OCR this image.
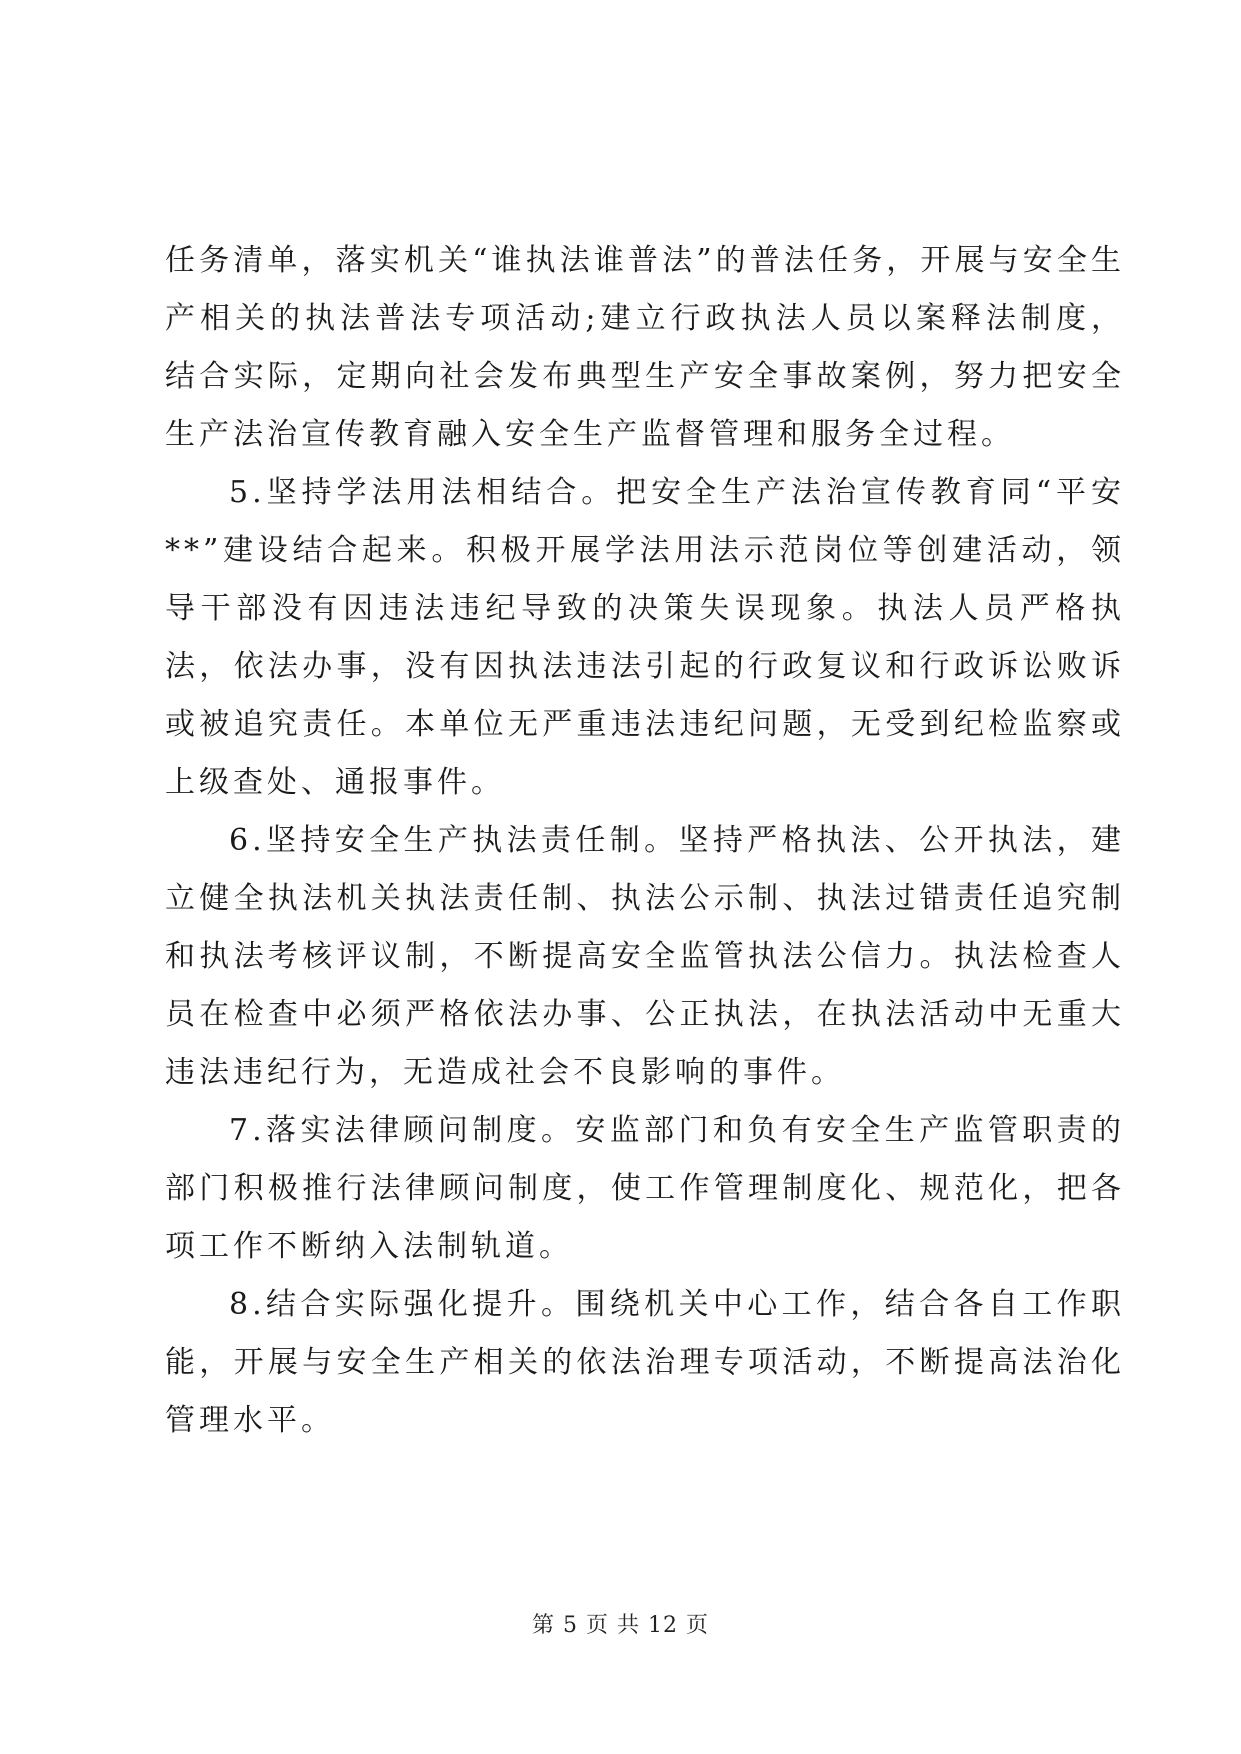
任务清单，落实机关“谁执法谁普法”的普法任务，开展与安全生产相关的执法普法专项活动;建立行政执法人员以案释法制度，结合实际，定期向社会发布典型生产安全事故案例，努力把安全生产法治宣传教育融入安全生产监督管理和服务全过程。

5.坚持学法用法相结合。把安全生产法治宣传教育同“平安**”建设结合起来。积极开展学法用法示范岗位等创建活动，领导干部没有因违法违纪导致的决策失误现象。执法人员严格执法，依法办事，没有因执法违法引起的行政复议和行政诉讼败诉或被追究责任。本单位无严重违法违纪问题，无受到纪检监察或上级查处、通报事件。

6.坚持安全生产执法责任制。坚持严格执法、公开执法，建立健全执法机关执法责任制、执法公示制、执法过错责任追究制和执法考核评议制，不断提高安全监管执法公信力。执法检查人员在检查中必须严格依法办事、公正执法，在执法活动中无重大违法违纪行为，无造成社会不良影响的事件。

7.落实法律顾问制度。安监部门和负有安全生产监管职责的部门积极推行法律顾问制度，使工作管理制度化、规范化，把各项工作不断纳入法制轨道。

8.结合实际强化提升。围绕机关中心工作，结合各自工作职能，开展与安全生产相关的依法治理专项活动，不断提高法治化管理水平。

第 5 页 共 12 页
